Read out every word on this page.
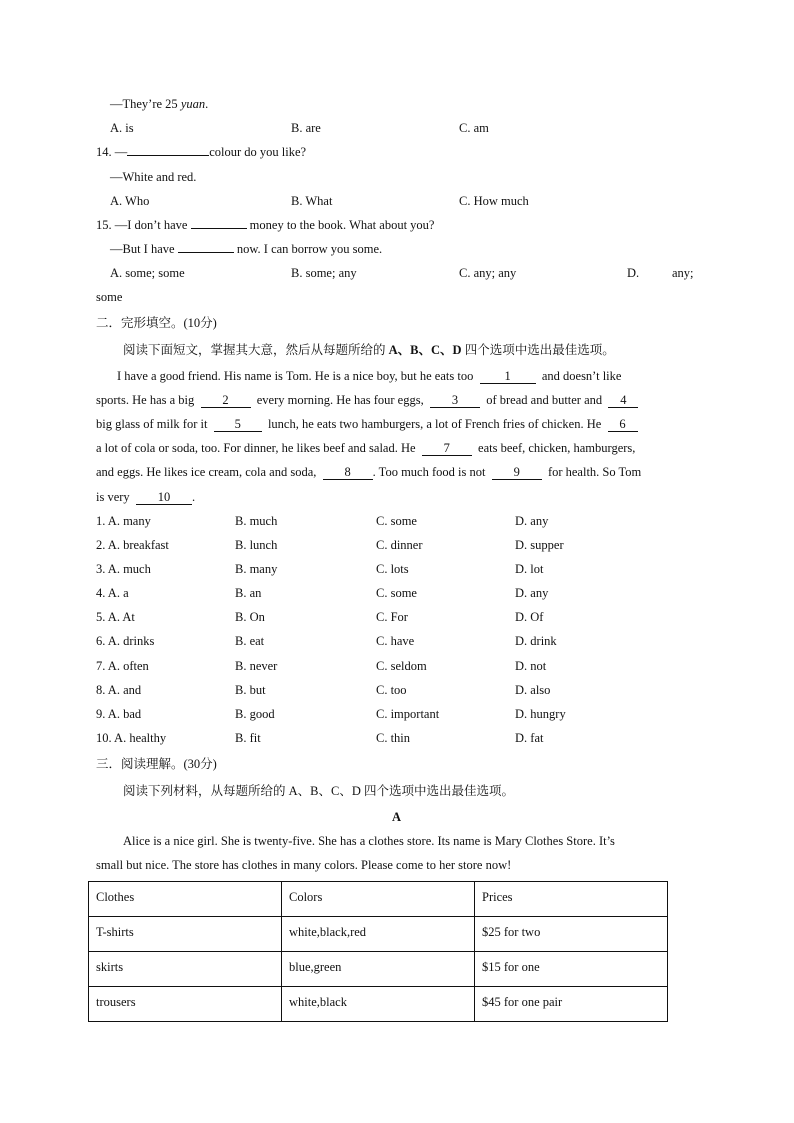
—They’re 25 yuan.
A. is	B. are	C. am
14. —	colour do you like?
—White and red.
A. Who	B. What	C. How much
15. —I don’t have	money to the book. What about you?
—But I have	now. I can borrow you some.
A. some; some	B. some; any	C. any; any	D.	any;
some
二．完形填空。(10分)
阅读下面短文，掌握其大意，然后从每题所给的 A、B、C、D 四个选项中选出最佳选项。
I have a good friend. His name is Tom. He is a nice boy, but he eats too 1 and doesn’t like
sports. He has a big 2 every morning. He has four eggs, 3 of bread and butter and 4
big glass of milk for it 5 lunch, he eats two hamburgers, a lot of French fries of chicken. He 6
a lot of cola or soda, too. For dinner, he likes beef and salad. He 7 eats beef, chicken, hamburgers,
and eggs. He likes ice cream, cola and soda, 8 . Too much food is not 9 for health. So Tom
is very 10 .
1. A. many	B. much	C. some	D. any
2. A. breakfast	B. lunch	C. dinner	D. supper
3. A. much	B. many	C. lots	D. lot
4. A. a	B. an	C. some	D. any
5. A. At	B. On	C. For	D. Of
6. A. drinks	B. eat	C. have	D. drink
7. A. often	B. never	C. seldom	D. not
8. A. and	B. but	C. too	D. also
9. A. bad	B. good	C. important	D. hungry
10. A. healthy	B. fit	C. thin	D. fat
三．阅读理解。(30分)
阅读下列材料，从每题所给的 A、B、C、D 四个选项中选出最佳选项。
A
Alice is a nice girl. She is twenty-five. She has a clothes store. Its name is Mary Clothes Store. It’s
small but nice. The store has clothes in many colors. Please come to her store now!
Clothes	Colors	Prices
T-shirts	white,black,red	$25 for two
skirts	blue,green	$15 for one
trousers	white,black	$45 for one pair
